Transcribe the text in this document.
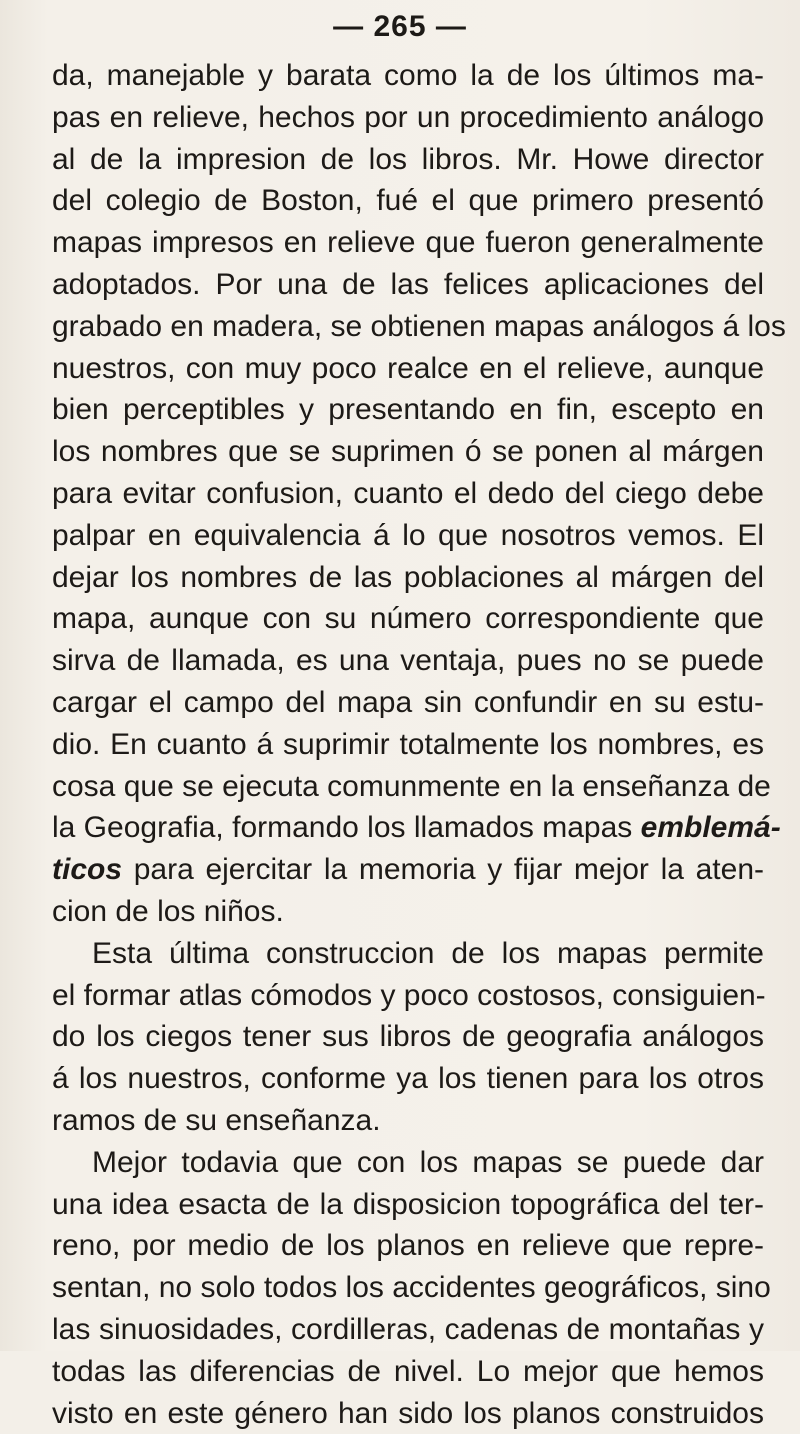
— 265 —
da, manejable y barata como la de los últimos ma-
pas en relieve, hechos por un procedimiento análogo
al de la impresion de los libros. Mr. Howe director
del colegio de Boston, fué el que primero presentó
mapas impresos en relieve que fueron generalmente
adoptados. Por una de las felices aplicaciones del
grabado en madera, se obtienen mapas análogos á los
nuestros, con muy poco realce en el relieve, aunque
bien perceptibles y presentando en fin, escepto en
los nombres que se suprimen ó se ponen al márgen
para evitar confusion, cuanto el dedo del ciego debe
palpar en equivalencia á lo que nosotros vemos. El
dejar los nombres de las poblaciones al márgen del
mapa, aunque con su número correspondiente que
sirva de llamada, es una ventaja, pues no se puede
cargar el campo del mapa sin confundir en su estu-
dio. En cuanto á suprimir totalmente los nombres, es
cosa que se ejecuta comunmente en la enseñanza de
la Geografia, formando los llamados mapas emblemá-
ticos para ejercitar la memoria y fijar mejor la aten-
cion de los niños.
Esta última construccion de los mapas permite
el formar atlas cómodos y poco costosos, consiguien-
do los ciegos tener sus libros de geografia análogos
á los nuestros, conforme ya los tienen para los otros
ramos de su enseñanza.
Mejor todavia que con los mapas se puede dar
una idea esacta de la disposicion topográfica del ter-
reno, por medio de los planos en relieve que repre-
sentan, no solo todos los accidentes geográficos, sino
las sinuosidades, cordilleras, cadenas de montañas y
todas las diferencias de nivel. Lo mejor que hemos
visto en este género han sido los planos construidos
